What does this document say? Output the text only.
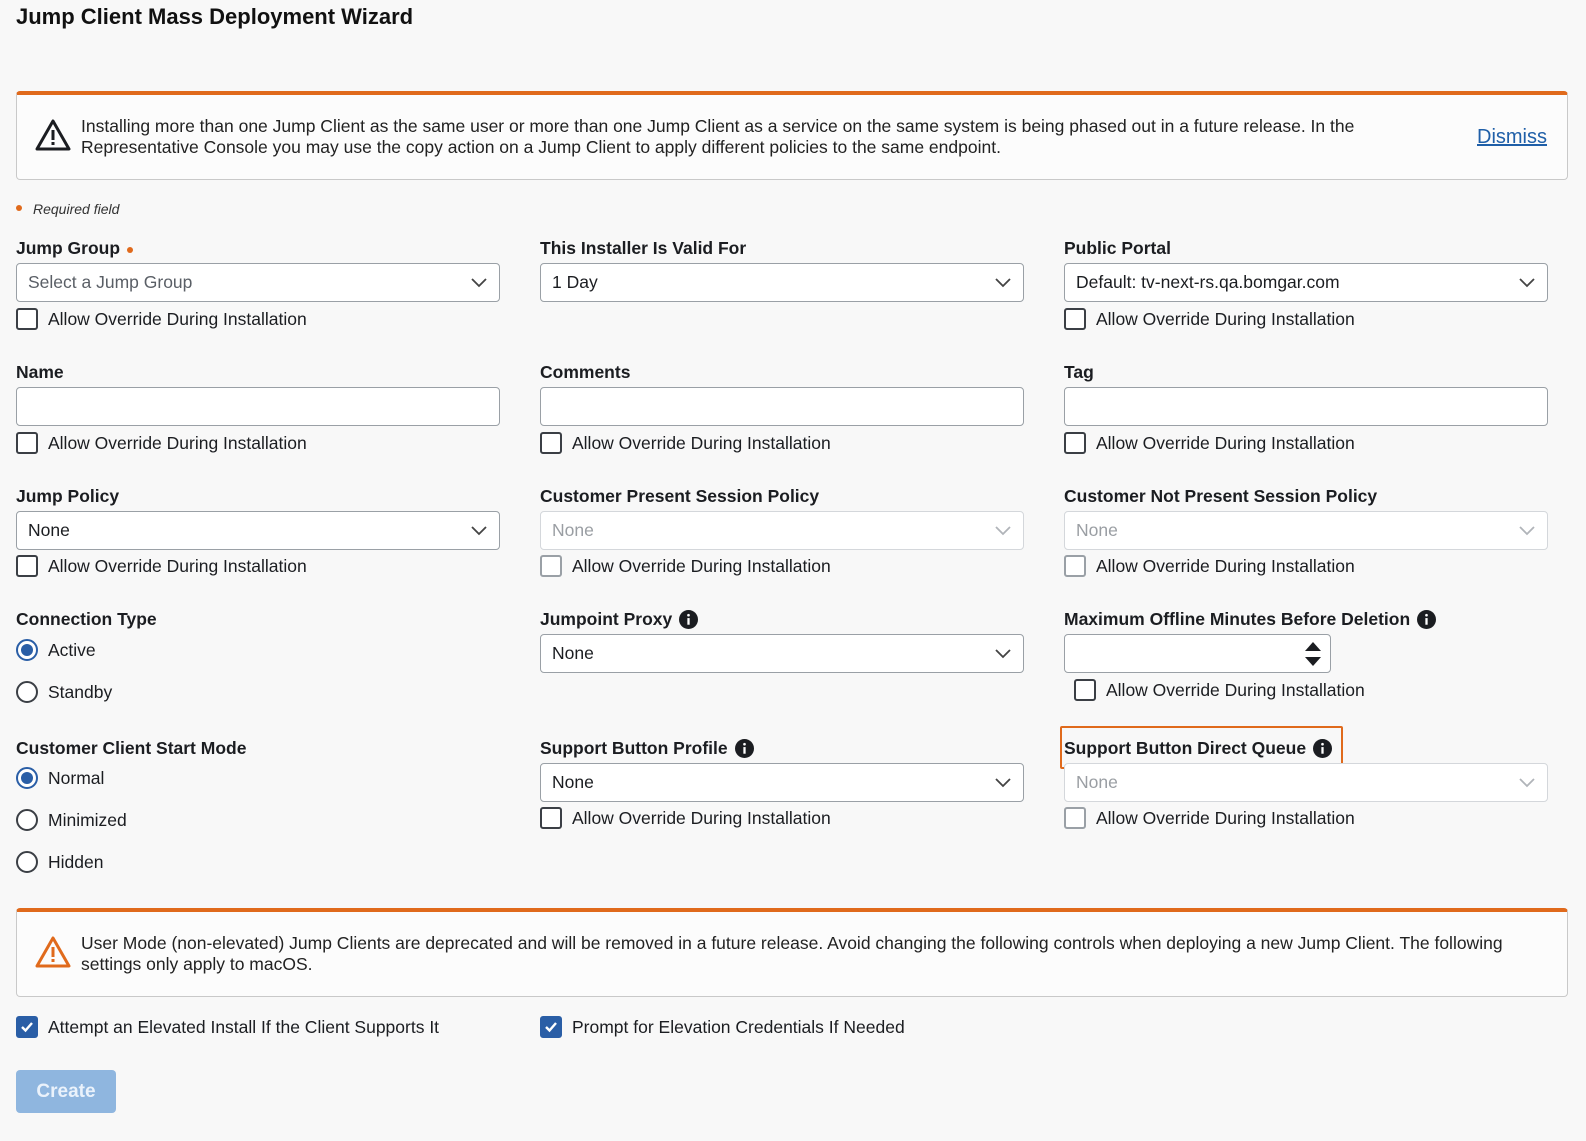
Jump Client Mass Deployment Wizard
Installing more than one Jump Client as the same user or more than one Jump Client as a service on the same system is being phased out in a future release. In the Representative Console you may use the copy action on a Jump Client to apply different policies to the same endpoint.	Dismiss
Required field
Jump Group
Select a Jump Group
Allow Override During Installation
This Installer Is Valid For
1 Day
Public Portal
Default: tv-next-rs.qa.bomgar.com
Allow Override During Installation
Name
Allow Override During Installation
Comments
Allow Override During Installation
Tag
Allow Override During Installation
Jump Policy
None
Allow Override During Installation
Customer Present Session Policy
None
Allow Override During Installation
Customer Not Present Session Policy
None
Allow Override During Installation
Connection Type
Active
Standby
Jumpoint Proxy
None
Maximum Offline Minutes Before Deletion
Allow Override During Installation
Customer Client Start Mode
Normal
Minimized
Hidden
Support Button Profile
None
Allow Override During Installation
Support Button Direct Queue
None
Allow Override During Installation
User Mode (non-elevated) Jump Clients are deprecated and will be removed in a future release. Avoid changing the following controls when deploying a new Jump Client. The following settings only apply to macOS.
Attempt an Elevated Install If the Client Supports It	Prompt for Elevation Credentials If Needed
Create
